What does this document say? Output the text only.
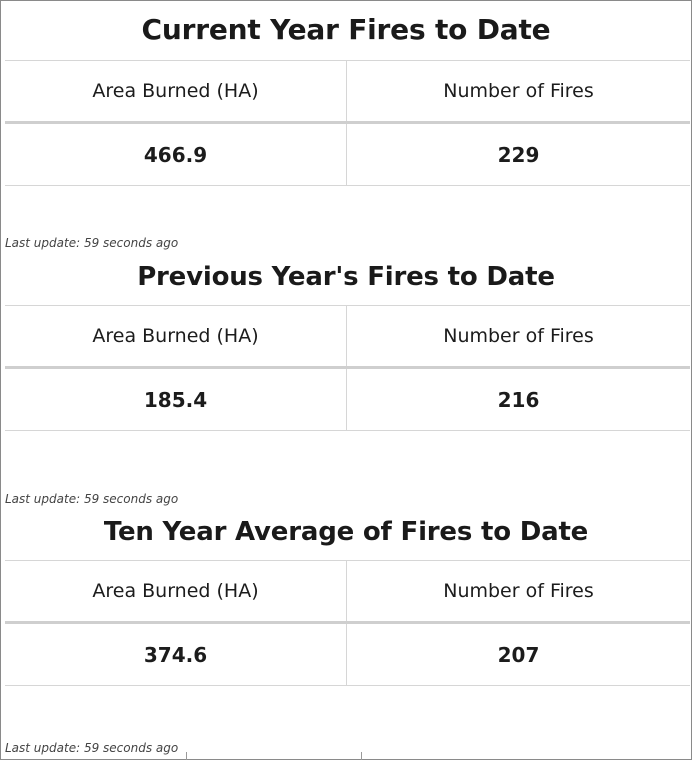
Current Year Fires to Date
Area Burned (HA)	Number of Fires
466.9	229
Last update: 59 seconds ago
Previous Year's Fires to Date
Area Burned (HA)	Number of Fires
185.4	216
Last update: 59 seconds ago
Ten Year Average of Fires to Date
Area Burned (HA)	Number of Fires
374.6	207
Last update: 59 seconds ago
